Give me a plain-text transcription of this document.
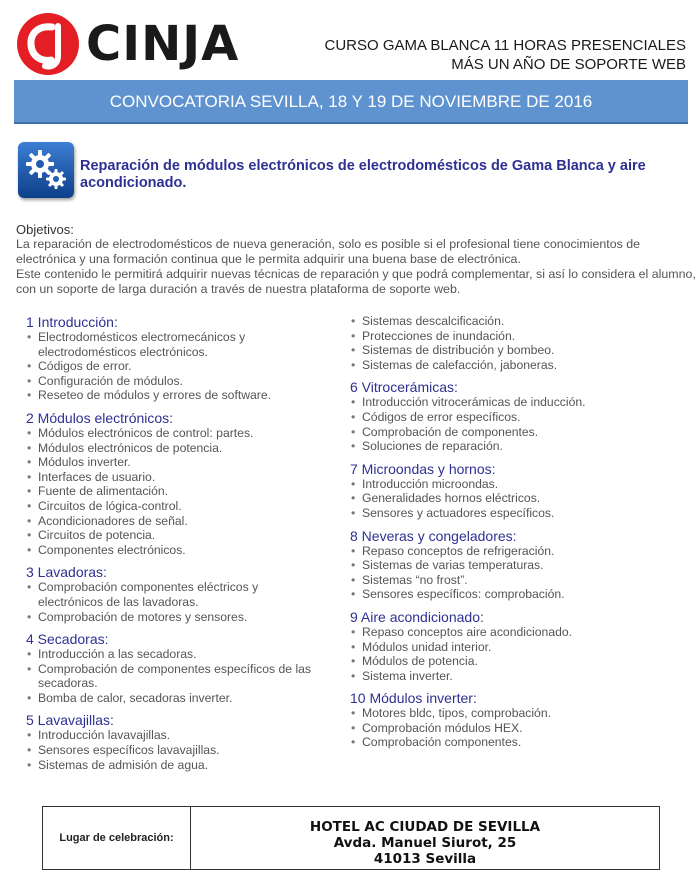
CINJA	CURSO GAMA BLANCA 11 HORAS PRESENCIALES
MÁS UN AÑO DE SOPORTE WEB
CONVOCATORIA SEVILLA, 18 Y 19 DE NOVIEMBRE DE 2016
Reparación de módulos electrónicos de electrodomésticos de Gama Blanca y aire acondicionado.
Objetivos:
La reparación de electrodomésticos de nueva generación, solo es posible si el profesional tiene conocimientos de electrónica y una formación continua que le permita adquirir una buena base de electrónica.
Este contenido le permitirá adquirir nuevas técnicas de reparación y que podrá complementar, si así lo considera el alumno, con un soporte de larga duración a través de nuestra plataforma de soporte web.
1 Introducción:
• Electrodomésticos electromecánicos y electrodomésticos electrónicos.
• Códigos de error.
• Configuración de módulos.
• Reseteo de módulos y errores de software.
2 Módulos electrónicos:
• Módulos electrónicos de control: partes.
• Módulos electrónicos de potencia.
• Módulos inverter.
• Interfaces de usuario.
• Fuente de alimentación.
• Circuitos de lógica-control.
• Acondicionadores de señal.
• Circuitos de potencia.
• Componentes electrónicos.
3 Lavadoras:
• Comprobación componentes eléctricos y electrónicos de las lavadoras.
• Comprobación de motores y sensores.
4 Secadoras:
• Introducción a las secadoras.
• Comprobación de componentes específicos de las secadoras.
• Bomba de calor, secadoras inverter.
5 Lavavajillas:
• Introducción lavavajillas.
• Sensores específicos lavavajillas.
• Sistemas de admisión de agua.
• Sistemas descalcificación.
• Protecciones de inundación.
• Sistemas de distribución y bombeo.
• Sistemas de calefacción, jaboneras.
6 Vitrocerámicas:
• Introducción vitrocerámicas de inducción.
• Códigos de error específicos.
• Comprobación de componentes.
• Soluciones de reparación.
7 Microondas y hornos:
• Introducción microondas.
• Generalidades hornos eléctricos.
• Sensores y actuadores específicos.
8 Neveras y congeladores:
• Repaso conceptos de refrigeración.
• Sistemas de varias temperaturas.
• Sistemas “no frost”.
• Sensores específicos: comprobación.
9 Aire acondicionado:
• Repaso conceptos aire acondicionado.
• Módulos unidad interior.
• Módulos de potencia.
• Sistema inverter.
10 Módulos inverter:
• Motores bldc, tipos, comprobación.
• Comprobación módulos HEX.
• Comprobación componentes.
Lugar de celebración:
HOTEL AC CIUDAD DE SEVILLA
Avda. Manuel Siurot, 25
41013 Sevilla
